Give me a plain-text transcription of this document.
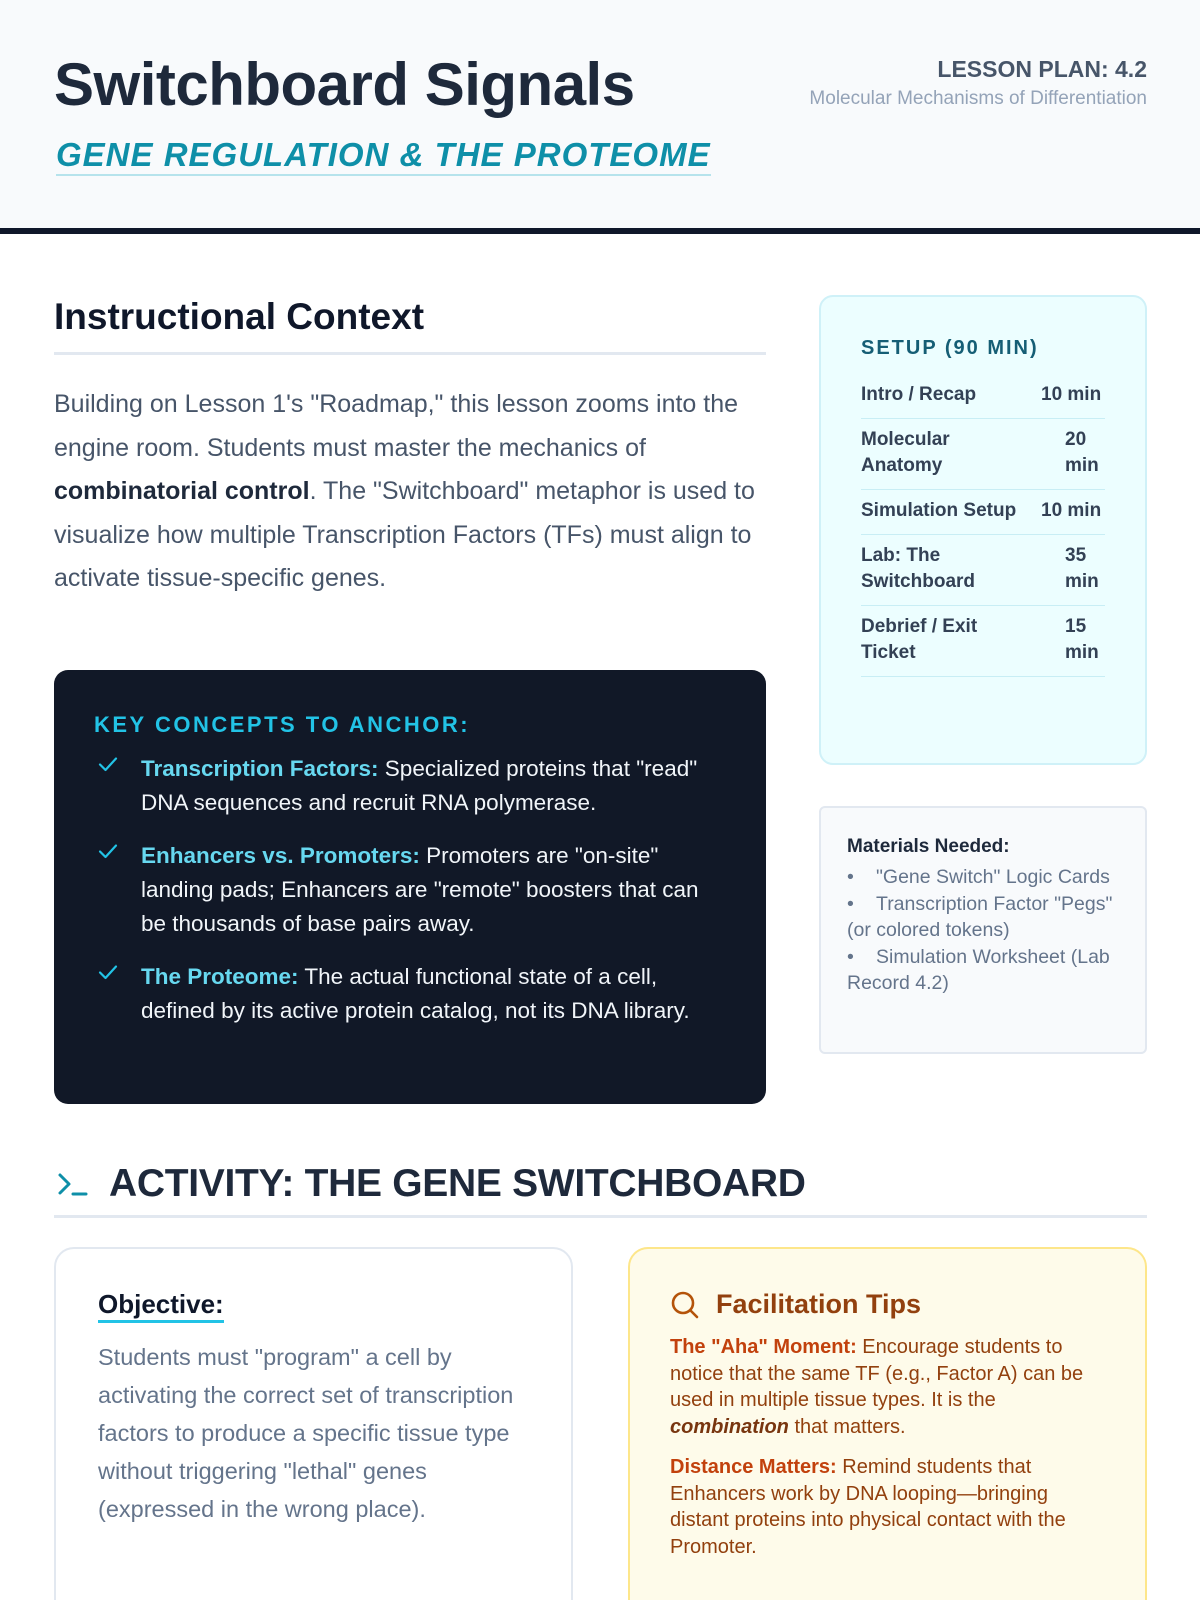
Switchboard Signals
GENE REGULATION & THE PROTEOME
LESSON PLAN: 4.2
Molecular Mechanisms of Differentiation
Instructional Context
Building on Lesson 1's "Roadmap," this lesson zooms into the engine room. Students must master the mechanics of combinatorial control. The "Switchboard" metaphor is used to visualize how multiple Transcription Factors (TFs) must align to activate tissue-specific genes.
KEY CONCEPTS TO ANCHOR:
Transcription Factors: Specialized proteins that "read" DNA sequences and recruit RNA polymerase.
Enhancers vs. Promoters: Promoters are "on-site" landing pads; Enhancers are "remote" boosters that can be thousands of base pairs away.
The Proteome: The actual functional state of a cell, defined by its active protein catalog, not its DNA library.
SETUP (90 MIN)
Intro / Recap	10 min
Molecular Anatomy
20 min
Simulation Setup	10 min
Lab: The Switchboard
35 min
Debrief / Exit Ticket
15 min
Materials Needed:
• "Gene Switch" Logic Cards
• Transcription Factor "Pegs" (or colored tokens)
• Simulation Worksheet (Lab Record 4.2)
ACTIVITY: THE GENE SWITCHBOARD
Objective:
Students must "program" a cell by activating the correct set of transcription factors to produce a specific tissue type without triggering "lethal" genes (expressed in the wrong place).
Facilitation Tips
The "Aha" Moment: Encourage students to notice that the same TF (e.g., Factor A) can be used in multiple tissue types. It is the combination that matters.
Distance Matters: Remind students that Enhancers work by DNA looping—bringing distant proteins into physical contact with the Promoter.
